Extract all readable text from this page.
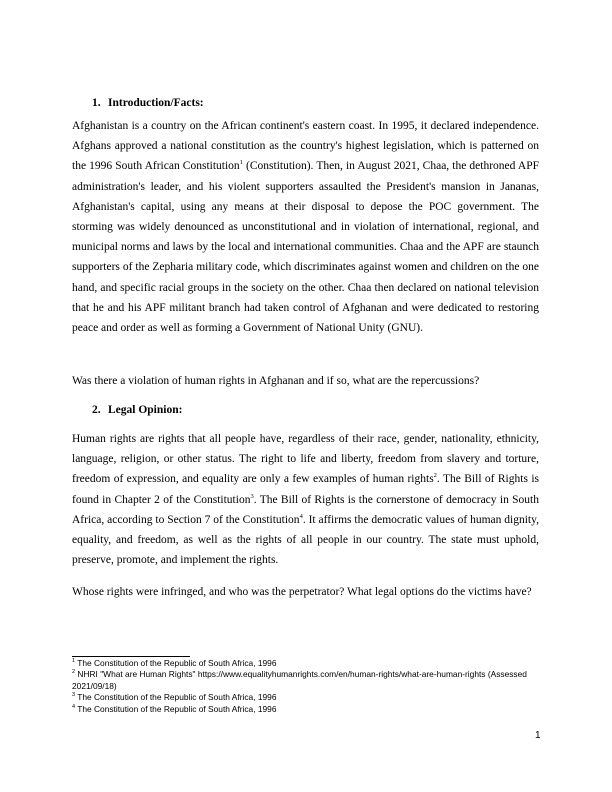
1. Introduction/Facts:

Afghanistan is a country on the African continent's eastern coast. In 1995, it declared independence. Afghans approved a national constitution as the country's highest legislation, which is patterned on the 1996 South African Constitution$^1$ (Constitution). Then, in August 2021, Chaa, the dethroned APF administration's leader, and his violent supporters assaulted the President's mansion in Jananas, Afghanistan's capital, using any means at their disposal to depose the POC government. The storming was widely denounced as unconstitutional and in violation of international, regional, and municipal norms and laws by the local and international communities. Chaa and the APF are staunch supporters of the Zepharia military code, which discriminates against women and children on the one hand, and specific racial groups in the society on the other. Chaa then declared on national television that he and his APF militant branch had taken control of Afghanan and were dedicated to restoring peace and order as well as forming a Government of National Unity (GNU).

Was there a violation of human rights in Afghanan and if so, what are the repercussions?

2. Legal Opinion:

Human rights are rights that all people have, regardless of their race, gender, nationality, ethnicity, language, religion, or other status. The right to life and liberty, freedom from slavery and torture, freedom of expression, and equality are only a few examples of human rights$^2$. The Bill of Rights is found in Chapter 2 of the Constitution$^3$. The Bill of Rights is the cornerstone of democracy in South Africa, according to Section 7 of the Constitution$^4$. It affirms the democratic values of human dignity, equality, and freedom, as well as the rights of all people in our country. The state must uphold, preserve, promote, and implement the rights.

Whose rights were infringed, and who was the perpetrator? What legal options do the victims have?

$^1$ The Constitution of the Republic of South Africa, 1996

$^2$ NHRI "What are Human Rights" https://www.equalityhumanrights.com/en/human-rights/what-are-human-rights (Assessed 2021/09/18)

$^3$ The Constitution of the Republic of South Africa, 1996

$^4$ The Constitution of the Republic of South Africa, 1996

1
